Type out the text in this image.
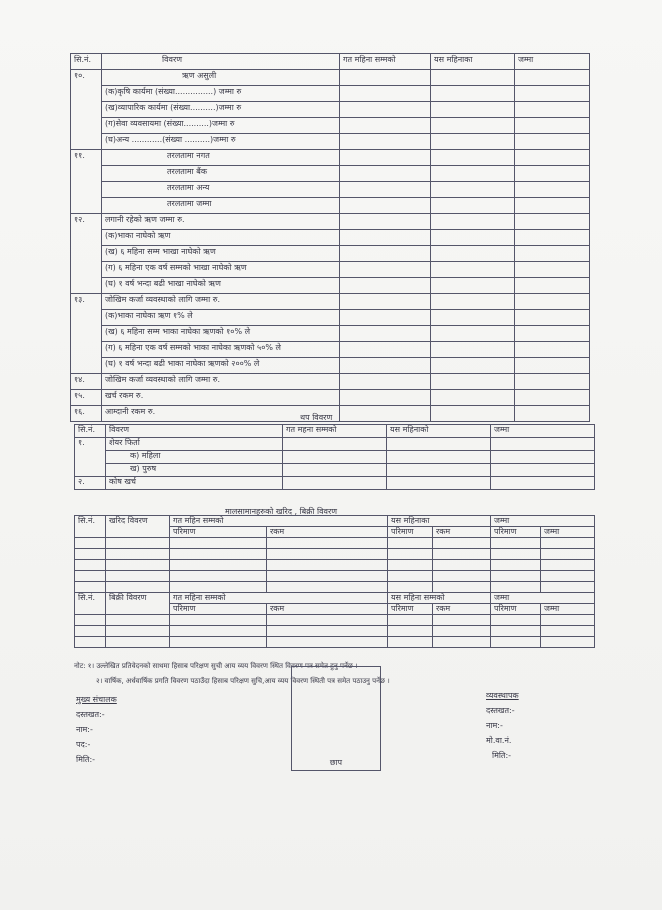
सि.नं.	विवरण	गत महिना सम्मको	यस महिनाका	जम्मा
१०.	ऋण असुली			
	(क)कृषि कार्यमा (संख्या...............) जम्मा रु			
	(ख)व्यापारिक कार्यमा (संख्या..........)जम्मा रु			
	(ग)सेवा व्यवसायमा (संख्या..........)जम्मा रु			
	(घ)अन्य ............(संख्या ..........)जम्मा रु			
११.	तरलतामा नगत			
	तरलतामा बैंक			
	तरलतामा अन्य			
	तरलतामा जम्मा			
१२.	लगानी रहेको ऋण जम्मा रु.			
	(क)भाका नाघेको ऋण			
	(ख) ६ महिना सम्म भाखा नाघेको ऋण			
	(ग) ६ महिना एक वर्ष सम्मको भाखा नाघेको ऋण			
	(घ) १ वर्ष भन्दा बढी भाखा नाघेको ऋण			
१३.	जोखिम कर्जा व्यवस्थाको लागि जम्मा रु.			
	(क)भाका नाघेका ऋण १% ले			
	(ख) ६ महिना सम्म भाका नाघेका ऋणको १०% ले			
	(ग) ६ महिना एक वर्ष सम्मको भाका नाघेका ऋणको ५०% ले			
	(घ) १ वर्ष भन्दा बढी भाका नाघेका ऋणको २००% ले			
१४.	जोखिम कर्जा व्यवस्थाको लागि जम्मा रु.			
१५.	खर्च रकम रु.			
१६.	आम्दानी रकम रु.			
थप विवरण
सि.नं.	विवरण	गत महना सम्मको	यस महिनाको	जम्मा
१.	शेयर फिर्ता			
	क) महिला			
	ख) पुरुष			
२.	कोष खर्च			
मालसामानहरुको खरिद , बिक्री विवरण
सि.नं.	खरिद विवरण	गत महिन सम्मको		यस महिनाका		जम्मा	
		परिमाण	रकम	परिमाण	रकम	परिमाण	जम्मा

सि.नं.	बिक्री विवरण	गत महिना सम्मको		यस महिना सम्मको		जम्मा	
		परिमाण	रकम	परिमाण	रकम	परिमाण	जम्मा

नोट: १। उल्लेखित प्रतिवेदनको साथमा हिसाब परिक्षण सुची आय व्यय विवरण स्थित विवरण पत्र समेत हुनु पर्नेछ ।
२। वार्षिक, अर्धवार्षिक प्रगति विवरण पठाउँदा हिसाब परिक्षण सुचि,आय व्यय विवरण स्थिती पत्र समेत पठाउनु पर्नेछ ।
मुख्य संचालक
दस्तखत:-
नाम:-
पद:-
मिति:-	छाप
व्यवस्थापक
दस्तखत:-
नाम:-
मो.वा.नं.
मिति:-
